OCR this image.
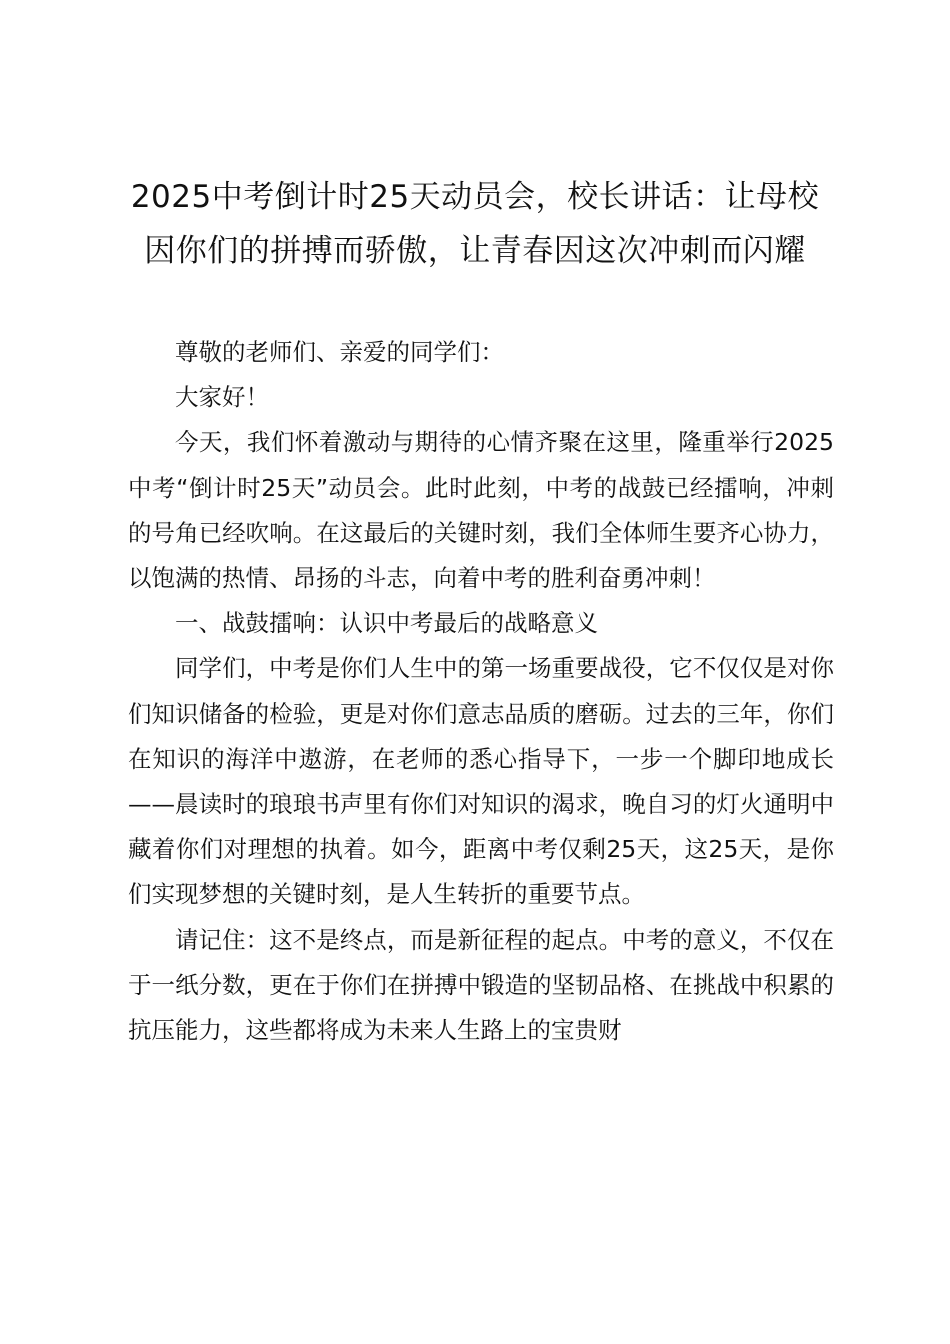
2025中考倒计时25天动员会，校长讲话：让母校因你们的拼搏而骄傲，让青春因这次冲刺而闪耀

尊敬的老师们、亲爱的同学们：

大家好！

今天，我们怀着激动与期待的心情齐聚在这里，隆重举行2025中考“倒计时25天”动员会。此时此刻，中考的战鼓已经擂响，冲刺的号角已经吹响。在这最后的关键时刻，我们全体师生要齐心协力，以饱满的热情、昂扬的斗志，向着中考的胜利奋勇冲刺！

一、战鼓擂响：认识中考最后的战略意义

同学们，中考是你们人生中的第一场重要战役，它不仅仅是对你们知识储备的检验，更是对你们意志品质的磨砺。过去的三年，你们在知识的海洋中遨游，在老师的悉心指导下，一步一个脚印地成长——晨读时的琅琅书声里有你们对知识的渴求，晚自习的灯火通明中藏着你们对理想的执着。如今，距离中考仅剩25天，这25天，是你们实现梦想的关键时刻，是人生转折的重要节点。

请记住：这不是终点，而是新征程的起点。中考的意义，不仅在于一纸分数，更在于你们在拼搏中锻造的坚韧品格、在挑战中积累的抗压能力，这些都将成为未来人生路上的宝贵财
